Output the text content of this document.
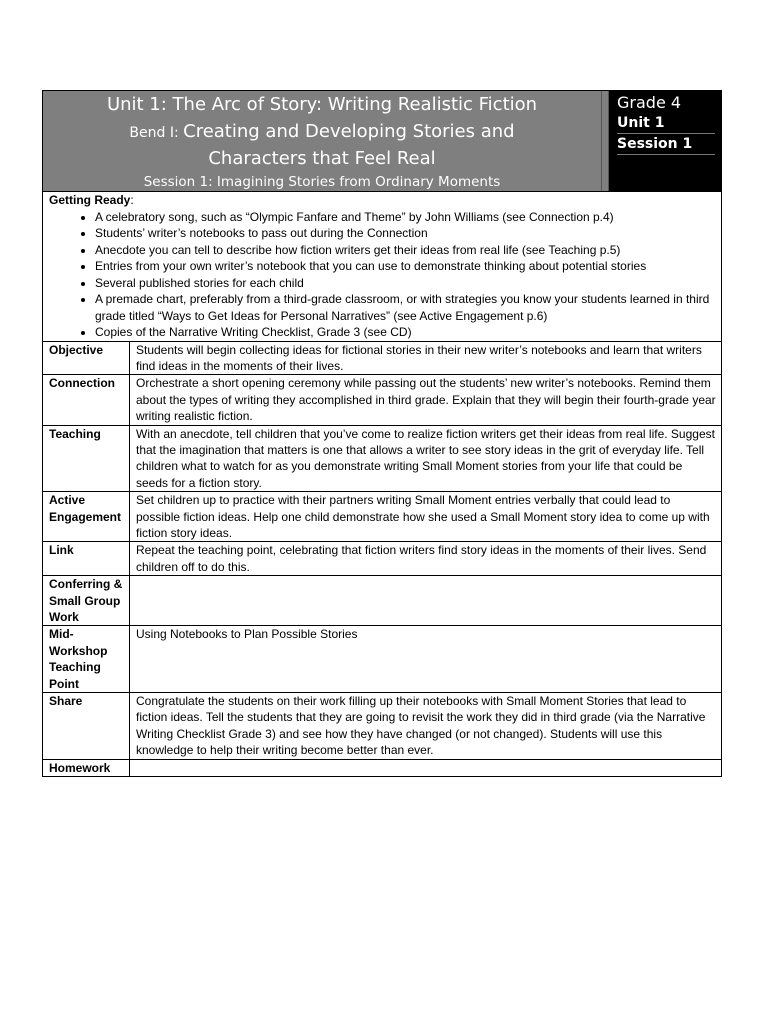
Unit 1: The Arc of Story: Writing Realistic Fiction
Bend I: Creating and Developing Stories and
Characters that Feel Real
Session 1: Imagining Stories from Ordinary Moments
Grade 4
Unit 1
Session 1
Getting Ready:
• A celebratory song, such as “Olympic Fanfare and Theme” by John Williams (see Connection p.4)
• Students’ writer’s notebooks to pass out during the Connection
• Anecdote you can tell to describe how fiction writers get their ideas from real life (see Teaching p.5)
• Entries from your own writer’s notebook that you can use to demonstrate thinking about potential stories
• Several published stories for each child
• A premade chart, preferably from a third-grade classroom, or with strategies you know your students learned in third grade titled “Ways to Get Ideas for Personal Narratives” (see Active Engagement p.6)
• Copies of the Narrative Writing Checklist, Grade 3 (see CD)
Objective	Students will begin collecting ideas for fictional stories in their new writer’s notebooks and learn that writers find ideas in the moments of their lives.
Connection	Orchestrate a short opening ceremony while passing out the students’ new writer’s notebooks. Remind them about the types of writing they accomplished in third grade. Explain that they will begin their fourth-grade year writing realistic fiction.
Teaching	With an anecdote, tell children that you’ve come to realize fiction writers get their ideas from real life. Suggest that the imagination that matters is one that allows a writer to see story ideas in the grit of everyday life. Tell children what to watch for as you demonstrate writing Small Moment stories from your life that could be seeds for a fiction story.
Active Engagement	Set children up to practice with their partners writing Small Moment entries verbally that could lead to possible fiction ideas. Help one child demonstrate how she used a Small Moment story idea to come up with fiction story ideas.
Link	Repeat the teaching point, celebrating that fiction writers find story ideas in the moments of their lives. Send children off to do this.
Conferring & Small Group Work	
Mid-Workshop Teaching Point	Using Notebooks to Plan Possible Stories
Share	Congratulate the students on their work filling up their notebooks with Small Moment Stories that lead to fiction ideas. Tell the students that they are going to revisit the work they did in third grade (via the Narrative Writing Checklist Grade 3) and see how they have changed (or not changed). Students will use this knowledge to help their writing become better than ever.
Homework	
